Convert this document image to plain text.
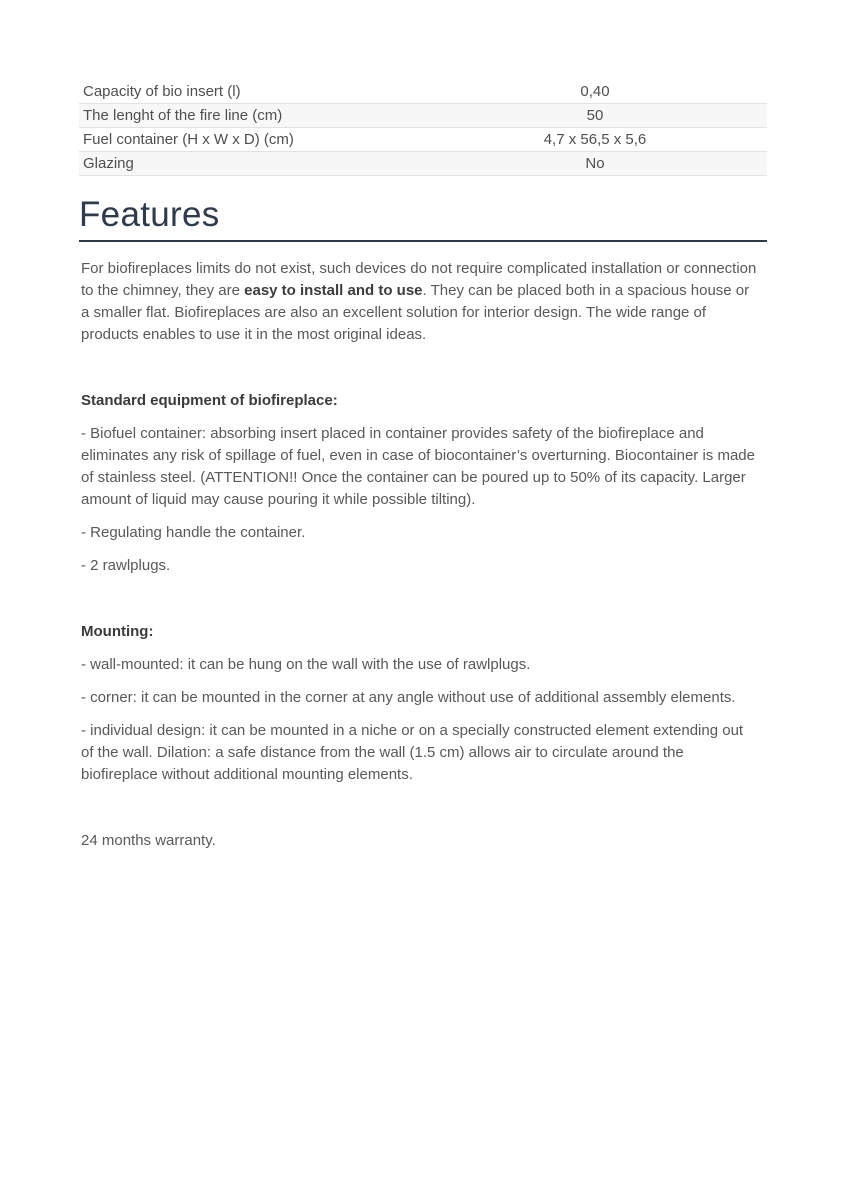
Capacity of bio insert (l)	0,40
The lenght of the fire line (cm)	50
Fuel container (H x W x D) (cm)	4,7 x 56,5 x 5,6
Glazing	No
Features

For biofireplaces limits do not exist, such devices do not require complicated installation or connection to the chimney, they are easy to install and to use. They can be placed both in a spacious house or a smaller flat. Biofireplaces are also an excellent solution for interior design. The wide range of products enables to use it in the most original ideas.

Standard equipment of biofireplace:

- Biofuel container: absorbing insert placed in container provides safety of the biofireplace and eliminates any risk of spillage of fuel, even in case of biocontainer’s overturning. Biocontainer is made of stainless steel. (ATTENTION!! Once the container can be poured up to 50% of its capacity. Larger amount of liquid may cause pouring it while possible tilting).

- Regulating handle the container.

- 2 rawlplugs.

Mounting:

- wall-mounted: it can be hung on the wall with the use of rawlplugs.

- corner: it can be mounted in the corner at any angle without use of additional assembly elements.

- individual design: it can be mounted in a niche or on a specially constructed element extending out of the wall. Dilation: a safe distance from the wall (1.5 cm) allows air to circulate around the biofireplace without additional mounting elements.

24 months warranty.
